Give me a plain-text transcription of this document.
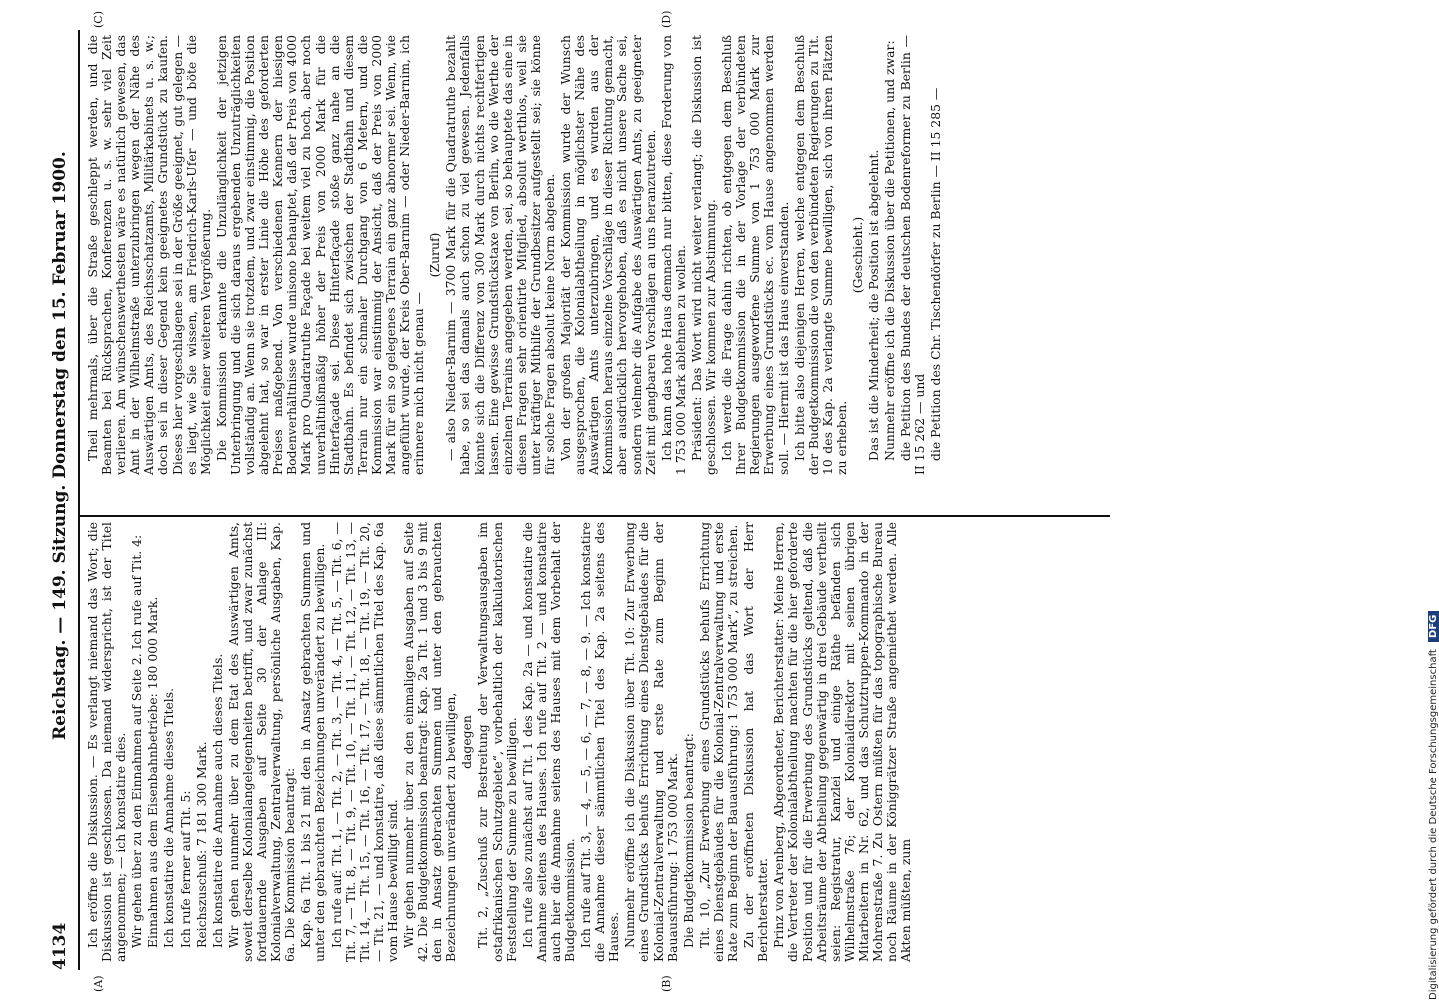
4134
Reichstag. — 149. Sitzung. Donnerstag den 15. Februar 1900.
(A)	(B)
(C)	(D)

Ich eröffne die Diskussion. — Es verlangt niemand das Wort; die Diskussion ist geschlossen. Da niemand widerspricht, ist der Titel angenommen; — ich konstatire dies. Wir gehen über zu den Einnahmen auf Seite 2. Ich rufe auf Tit. 4: Einnahmen aus dem Eisenbahnbetriebe: 180 000 Mark. Ich konstatire die Annahme dieses Titels. Ich rufe ferner auf Tit. 5: Reichszuschuß: 7 181 300 Mark. Ich konstatire die Annahme auch dieses Titels. Wir gehen nunmehr über zu dem Etat des Auswärtigen Amts, soweit derselbe Kolonialangelegenheiten betrifft, und zwar zunächst fortdauernde Ausgaben auf Seite 30 der Anlage III: Kolonialverwaltung, Zentralverwaltung, persönliche Ausgaben, Kap. 6a. Die Kommission beantragt: Kap. 6a Tit. 1 bis 21 mit den in Ansatz gebrachten Summen und unter den gebrauchten Bezeichnungen unverändert zu bewilligen. Ich rufe auf: Tit. 1, — Tit. 2, — Tit. 3, — Tit. 4, — Tit. 5, — Tit. 6, — Tit. 7, — Tit. 8, — Tit. 9, — Tit. 10, — Tit. 11, — Tit. 12, — Tit. 13, — Tit. 14, — Tit. 15, — Tit. 16, — Tit. 17, — Tit. 18, — Tit. 19, — Tit. 20, — Tit. 21, — und konstatire, daß diese sämmtlichen Titel des Kap. 6a vom Hause bewilligt sind. Wir gehen nunmehr über zu den einmaligen Ausgaben auf Seite 42. Die Budgetkommission beantragt: Kap. 2a Tit. 1 und 3 bis 9 mit den in Ansatz gebrachten Summen und unter den gebrauchten Bezeichnungen unverändert zu bewilligen, dagegen Tit. 2, „Zuschuß zur Bestreitung der Verwaltungsausgaben im ostafrikanischen Schutzgebiete“, vorbehaltlich der kalkulatorischen Feststellung der Summe zu bewilligen. Ich rufe also zunächst auf Tit. 1 des Kap. 2a — und konstatire die Annahme seitens des Hauses. Ich rufe auf Tit. 2 — und konstatire auch hier die Annahme seitens des Hauses mit dem Vorbehalt der Budgetkommission. Ich rufe auf Tit. 3, — 4, — 5, — 6, — 7, — 8, — 9. — Ich konstatire die Annahme dieser sämmtlichen Titel des Kap. 2a seitens des Hauses. Nunmehr eröffne ich die Diskussion über Tit. 10: Zur Erwerbung eines Grundstücks behufs Errichtung eines Dienstgebäudes für die Kolonial-Zentralverwaltung und erste Rate zum Beginn der Bauausführung: 1 753 000 Mark. Die Budgetkommission beantragt: Tit. 10, „Zur Erwerbung eines Grundstücks behufs Errichtung eines Dienstgebäudes für die Kolonial-Zentralverwaltung und erste Rate zum Beginn der Bauausführung: 1 753 000 Mark“, zu streichen. Zu der eröffneten Diskussion hat das Wort der Herr Berichterstatter. Prinz von Arenberg, Abgeordneter, Berichterstatter: Meine Herren, die Vertreter der Kolonialabtheilung machten für die hier geforderte Position und für die Erwerbung des Grundstücks geltend, daß die Arbeitsräume der Abtheilung gegenwärtig in drei Gebäude vertheilt seien: Registratur, Kanzlei und einige Räthe befänden sich Wilhelmstraße 76; der Kolonialdirektor mit seinen übrigen Mitarbeitern in Nr. 62, und das Schutztruppen-Kommando in der Mohrenstraße 7. Zu Ostern müßten für das topographische Bureau noch Räume in der Königgrätzer Straße angemiethet werden. Alle Akten müßten, zum

Theil mehrmals, über die Straße geschleppt werden, und die Beamten bei Rücksprachen, Konferenzen u. s. w. sehr viel Zeit verlieren. Am wünschenswerthesten wäre es natürlich gewesen, das Amt in der Wilhelmstraße unterzubringen wegen der Nähe des Auswärtigen Amts, des Reichsschatzamts, Militärkabinets u. s. w.; doch sei in dieser Gegend kein geeignetes Grundstück zu kaufen. Dieses hier vorgeschlagene sei in der Größe geeignet, gut gelegen — es liegt, wie Sie wissen, am Friedrich-Karls-Ufer — und böte die Möglichkeit einer weiteren Vergrößerung. Die Kommission erkannte die Unzulänglichkeit der jetzigen Unterbringung und die sich daraus ergebenden Unzuträglichkeiten vollständig an. Wenn sie trotzdem, und zwar einstimmig, die Position abgelehnt hat, so war in erster Linie die Höhe des geforderten Preises maßgebend. Von verschiedenen Kennern der hiesigen Bodenverhältnisse wurde unisono behauptet, daß der Preis von 4000 Mark pro Quadratruthe Façade bei weitem viel zu hoch, aber noch unverhältnißmäßig höher der Preis von 2000 Mark für die Hinterfaçade sei. Diese Hinterfaçade stoße ganz nahe an die Stadtbahn. Es befindet sich zwischen der Stadtbahn und diesem Terrain nur ein schmaler Durchgang von 6 Metern, und die Kommission war einstimmig der Ansicht, daß der Preis von 2000 Mark für ein so gelegenes Terrain ein ganz abnormer sei. Wenn, wie angeführt wurde, der Kreis Ober-Barnim — oder Nieder-Barnim, ich erinnere mich nicht genau —

(Zuruf) — also Nieder-Barnim — 3700 Mark für die Quadratruthe bezahlt habe, so sei das damals auch schon zu viel gewesen. Jedenfalls könnte sich die Differenz von 300 Mark durch nichts rechtfertigen lassen. Eine gewisse Grundstückstaxe von Berlin, wo die Werthe der einzelnen Terrains angegeben werden, sei, so behauptete das eine in diesen Fragen sehr orientirte Mitglied, absolut werthlos, weil sie unter kräftiger Mithilfe der Grundbesitzer aufgestellt sei; sie könne für solche Fragen absolut keine Norm abgeben. Von der großen Majorität der Kommission wurde der Wunsch ausgesprochen, die Kolonialabtheilung in möglichster Nähe des Auswärtigen Amts unterzubringen, und es wurden aus der Kommission heraus einzelne Vorschläge in dieser Richtung gemacht, aber ausdrücklich hervorgehoben, daß es nicht unsere Sache sei, sondern vielmehr die Aufgabe des Auswärtigen Amts, zu geeigneter Zeit mit gangbaren Vorschlägen an uns heranzutreten. Ich kann das hohe Haus demnach nur bitten, diese Forderung von 1 753 000 Mark ablehnen zu wollen. Präsident: Das Wort wird nicht weiter verlangt; die Diskussion ist geschlossen. Wir kommen zur Abstimmung. Ich werde die Frage dahin richten, ob entgegen dem Beschluß Ihrer Budgetkommission die in der Vorlage der verbündeten Regierungen ausgeworfene Summe von 1 753 000 Mark zur Erwerbung eines Grundstücks ec. vom Hause angenommen werden soll. — Hiermit ist das Haus einverstanden. Ich bitte also diejenigen Herren, welche entgegen dem Beschluß der Budgetkommission die von den verbündeten Regierungen zu Tit. 10 des Kap. 2a verlangte Summe bewilligen, sich von ihren Plätzen zu erheben.

(Geschieht.) Das ist die Minderheit; die Position ist abgelehnt. Nunmehr eröffne ich die Diskussion über die Petitionen, und zwar: die Petition des Bundes der deutschen Bodenreformer zu Berlin — II 15 262 — und die Petition des Chr. Tischendörfer zu Berlin — II 15 285 —

Digitalisierung gefördert durch die Deutsche Forschungsgemeinschaft DFG
